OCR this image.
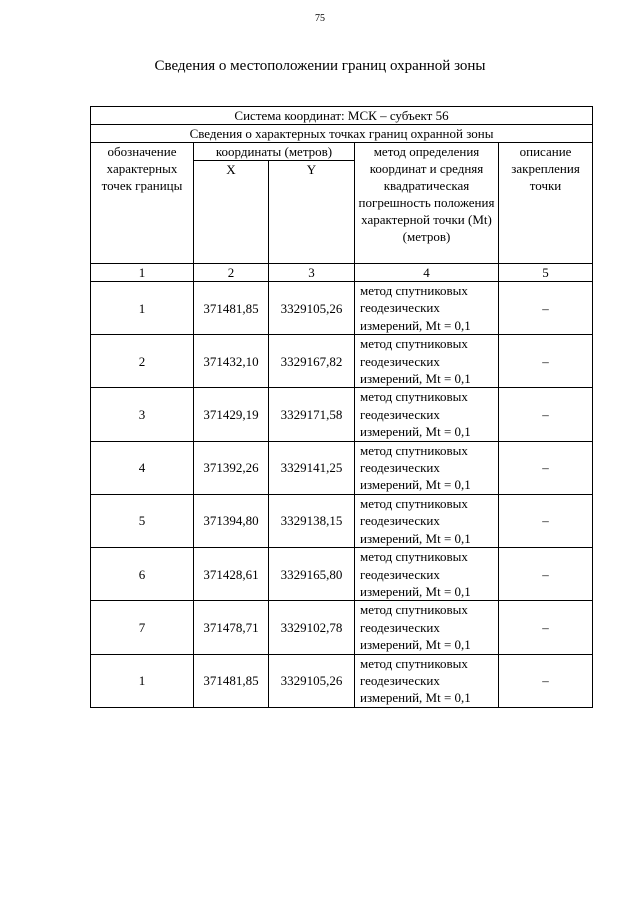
75
Сведения о местоположении границ охранной зоны
Система координат: МСК – субъект 56				
Сведения о характерных точках границ охранной зоны				
обозначение характерных точек границы	координаты (метров)		метод определения координат и средняя квадратическая погрешность положения характерной точки (Mt) (метров)	описание закрепления точки
	X	Y		
1	2	3	4	5
1	371481,85	3329105,26	метод спутниковых геодезических измерений, Mt = 0,1	–
2	371432,10	3329167,82	метод спутниковых геодезических измерений, Mt = 0,1	–
3	371429,19	3329171,58	метод спутниковых геодезических измерений, Mt = 0,1	–
4	371392,26	3329141,25	метод спутниковых геодезических измерений, Mt = 0,1	–
5	371394,80	3329138,15	метод спутниковых геодезических измерений, Mt = 0,1	–
6	371428,61	3329165,80	метод спутниковых геодезических измерений, Mt = 0,1	–
7	371478,71	3329102,78	метод спутниковых геодезических измерений, Mt = 0,1	–
1	371481,85	3329105,26	метод спутниковых геодезических измерений, Mt = 0,1	–
